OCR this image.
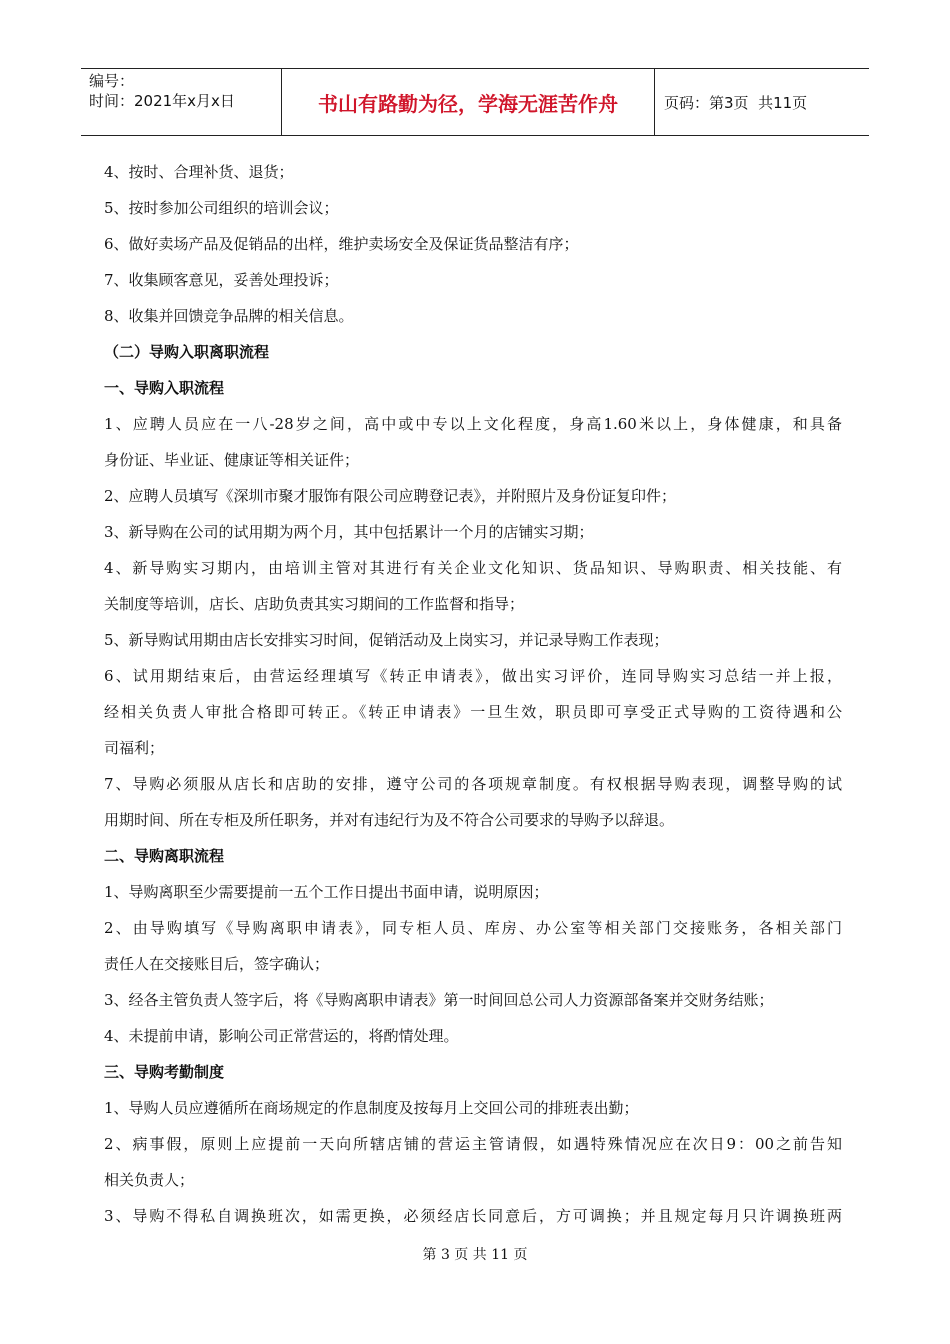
编号：
时间：2021年x月x日	书山有路勤为径，学海无涯苦作舟	页码：第3页  共11页
4、按时、合理补货、退货；
5、按时参加公司组织的培训会议；
6、做好卖场产品及促销品的出样，维护卖场安全及保证货品整洁有序；
7、收集顾客意见，妥善处理投诉；
8、收集并回馈竞争品牌的相关信息。
（二）导购入职离职流程
一、导购入职流程
1、应聘人员应在一八-28岁之间，高中或中专以上文化程度，身高1.60米以上，身体健康，和具备
身份证、毕业证、健康证等相关证件；
2、应聘人员填写《深圳市聚才服饰有限公司应聘登记表》，并附照片及身份证复印件；
3、新导购在公司的试用期为两个月，其中包括累计一个月的店铺实习期；
4、新导购实习期内，由培训主管对其进行有关企业文化知识、货品知识、导购职责、相关技能、有
关制度等培训，店长、店助负责其实习期间的工作监督和指导；
5、新导购试用期由店长安排实习时间，促销活动及上岗实习，并记录导购工作表现；
6、试用期结束后，由营运经理填写《转正申请表》，做出实习评价，连同导购实习总结一并上报，
经相关负责人审批合格即可转正。《转正申请表》一旦生效，职员即可享受正式导购的工资待遇和公
司福利；
7、导购必须服从店长和店助的安排，遵守公司的各项规章制度。有权根据导购表现，调整导购的试
用期时间、所在专柜及所任职务，并对有违纪行为及不符合公司要求的导购予以辞退。
二、导购离职流程
1、导购离职至少需要提前一五个工作日提出书面申请，说明原因；
2、由导购填写《导购离职申请表》，同专柜人员、库房、办公室等相关部门交接账务，各相关部门
责任人在交接账目后，签字确认；
3、经各主管负责人签字后，将《导购离职申请表》第一时间回总公司人力资源部备案并交财务结账；
4、未提前申请，影响公司正常营运的，将酌情处理。
三、导购考勤制度
1、导购人员应遵循所在商场规定的作息制度及按每月上交回公司的排班表出勤；
2、病事假，原则上应提前一天向所辖店铺的营运主管请假，如遇特殊情况应在次日9：00之前告知
相关负责人；
3、导购不得私自调换班次，如需更换，必须经店长同意后，方可调换；并且规定每月只许调换班两
第 3 页 共 11 页
